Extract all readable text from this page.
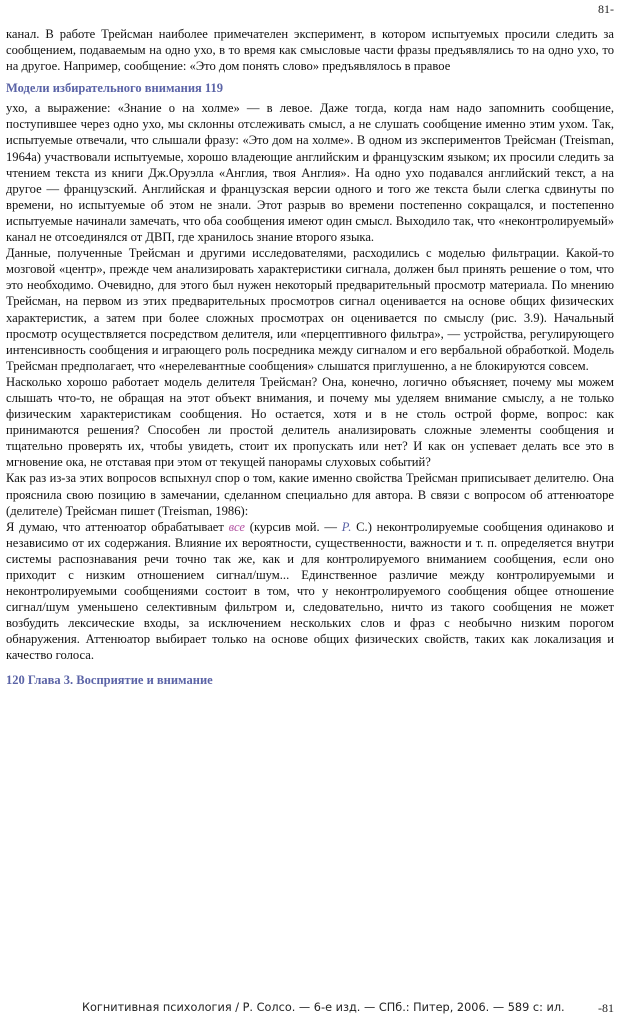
81-

канал. В работе Трейсман наиболее примечателен эксперимент, в котором испытуемых просили следить за сообщением, подаваемым на одно ухо, в то время как смысловые части фразы предъявлялись то на одно ухо, то на другое. Например, сообщение: «Это дом понять слово» предъявлялось в правое

Модели избирательного внимания 119

ухо, а выражение: «Знание о на холме» — в левое. Даже тогда, когда нам надо запомнить сообщение, поступившее через одно ухо, мы склонны отслеживать смысл, а не слушать сообщение именно этим ухом. Так, испытуемые отвечали, что слышали фразу: «Это дом на холме». В одном из экспериментов Трейсман (Treisman, 1964а) участвовали испытуемые, хорошо владеющие английским и французским языком; их просили следить за чтением текста из книги Дж.Оруэлла «Англия, твоя Англия». На одно ухо подавался английский текст, а на другое — французский. Английская и французская версии одного и того же текста были слегка сдвинуты по времени, но испытуемые об этом не знали. Этот разрыв во времени постепенно сокращался, и постепенно испытуемые начинали замечать, что оба сообщения имеют один смысл. Выходило так, что «неконтролируемый» канал не отсоединялся от ДВП, где хранилось знание второго языка.

Данные, полученные Трейсман и другими исследователями, расходились с моделью фильтрации. Какой-то мозговой «центр», прежде чем анализировать характеристики сигнала, должен был принять решение о том, что это необходимо. Очевидно, для этого был нужен некоторый предварительный просмотр материала. По мнению Трейсман, на первом из этих предварительных просмотров сигнал оценивается на основе общих физических характеристик, а затем при более сложных просмотрах он оценивается по смыслу (рис. 3.9). Начальный просмотр осуществляется посредством делителя, или «перцептивного фильтра», — устройства, регулирующего интенсивность сообщения и играющего роль посредника между сигналом и его вербальной обработкой. Модель Трейсман предполагает, что «нерелевантные сообщения» слышатся приглушенно, а не блокируются совсем.

Насколько хорошо работает модель делителя Трейсман? Она, конечно, логично объясняет, почему мы можем слышать что-то, не обращая на этот объект внимания, и почему мы уделяем внимание смыслу, а не только физическим характеристикам сообщения. Но остается, хотя и в не столь острой форме, вопрос: как принимаются решения? Способен ли простой делитель анализировать сложные элементы сообщения и тщательно проверять их, чтобы увидеть, стоит их пропускать или нет? И как он успевает делать все это в мгновение ока, не отставая при этом от текущей панорамы слуховых событий?

Как раз из-за этих вопросов вспыхнул спор о том, какие именно свойства Трейсман приписывает делителю. Она прояснила свою позицию в замечании, сделанном специально для автора. В связи с вопросом об аттенюаторе (делителе) Трейсман пишет (Treisman, 1986):

Я думаю, что аттенюатор обрабатывает все (курсив мой. — Р. С.) неконтролируемые сообщения одинаково и независимо от их содержания. Влияние их вероятности, существенности, важности и т. п. определяется внутри системы распознавания речи точно так же, как и для контролируемого вниманием сообщения, если оно приходит с низким отношением сигнал/шум... Единственное различие между контролируемыми и неконтролируемыми сообщениями состоит в том, что у неконтролируемого сообщения общее отношение сигнал/шум уменьшено селективным фильтром и, следовательно, ничто из такого сообщения не может возбудить лексические входы, за исключением нескольких слов и фраз с необычно низким порогом обнаружения. Аттенюатор выбирает только на основе общих физических свойств, таких как локализация и качество голоса.

120 Глава 3. Восприятие и внимание
Когнитивная психология / Р. Солсо. — 6-е изд. — СПб.: Питер, 2006. — 589 с: ил.	-81
